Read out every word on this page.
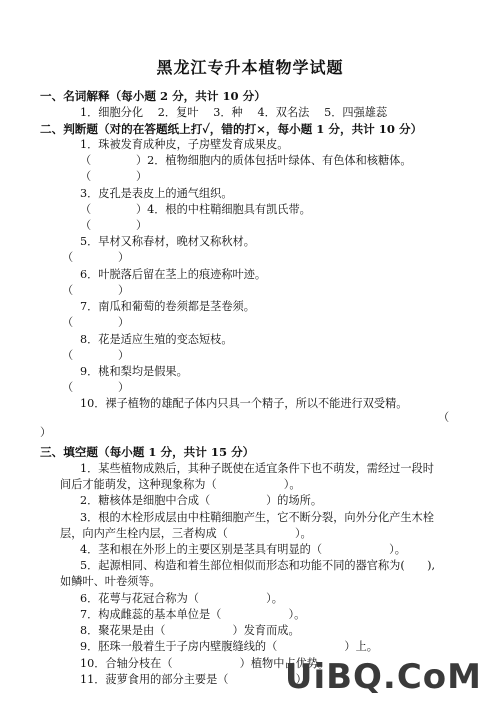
黑龙江专升本植物学试题
一、名词解释（每小题 2 分，共计 10 分）
1．细胞分化　 2．复叶　 3．种　 4．双名法　 5．四强雄蕊
二、判断题（对的在答题纸上打✓，错的打×，每小题 1 分，共计 10 分）
1．珠被发育成种皮，子房壁发育成果皮。
（　　　　）2．植物细胞内的质体包括叶绿体、有色体和核糖体。
（　　　　）
3．皮孔是表皮上的通气组织。
（　　　　）4．根的中柱鞘细胞具有凯氏带。
（　　　　）
5．早材又称春材，晚材又称秋材。
（　　　　）
6．叶脱落后留在茎上的痕迹称叶迹。
（　　　　）
7．南瓜和葡萄的卷须都是茎卷须。
（　　　　）
8．花是适应生殖的变态短枝。
（　　　　）
9．桃和梨均是假果。
（　　　　）
10．裸子植物的雄配子体内只具一个精子，所以不能进行双受精。
（
）
三、填空题（每小题 1 分，共计 15 分）
1．某些植物成熟后，其种子既使在适宜条件下也不萌发，需经过一段时
间后才能萌发，这种现象称为（　　　　　　）。
2．糖核体是细胞中合成（　　　　　）的场所。
3．根的木栓形成层由中柱鞘细胞产生，它不断分裂，向外分化产生木栓
层，向内产生栓内层，三者构成（　　　　　　）。
4．茎和根在外形上的主要区别是茎具有明显的（　　　　　　）。
5．起源相同、构造和着生部位相似而形态和功能不同的器官称为(　　),
如鳞叶、叶卷须等。
6．花萼与花冠合称为（　　　　　　）。
7．构成雌蕊的基本单位是（　　　　　　）。
8．聚花果是由（　　　　　　）发育而成。
9．胚珠一般着生于子房内壁腹缝线的（　　　　　　）上。
10．合轴分枝在（　　　　　　）植物中占优势。
11．菠萝食用的部分主要是（　　　　　　）。
UiBQ.CoM
